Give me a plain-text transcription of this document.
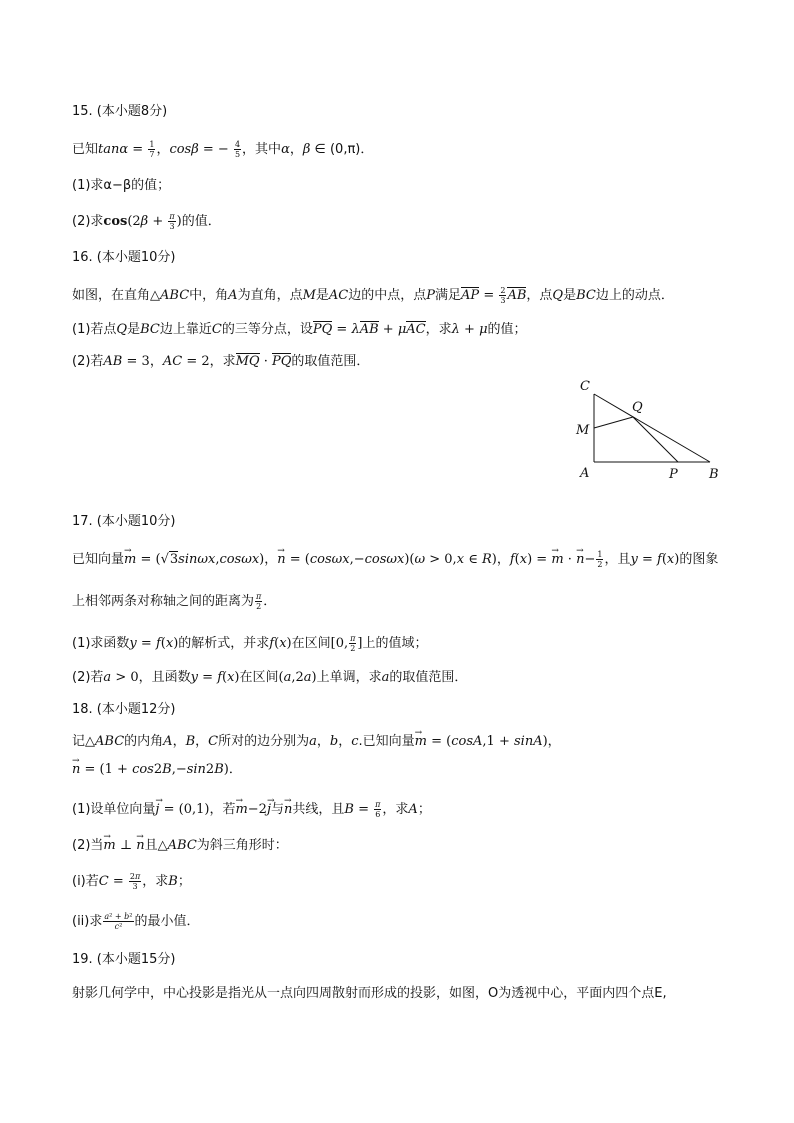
15. (本小题8分)
已知$\tan\alpha = \frac{1}{7}$ ，cosβ = − $\frac{4}{5}$ ，其中α，β ∈ (0,π)．
(1)求α−β的值；
(2)求$\cos(2\beta + \frac{\pi}{3}$ )的值．
16. (本小题10分)
如图，在直角△ABC中，角A为直角，点M是AC边的中点，点P满足AP = $\frac{2}{3}$ AB，点Q是BC边上的动点．
(1)若点Q是BC边上靠近C的三等分点，设PQ = λAB + μAC，求λ + μ的值；
(2)若AB = 3，AC = 2，求MQ · PQ的取值范围．
C
Q
M
A	P B
17. (本小题10分)
已知向量m → = (√3sinωx,cosωx)，n → = (cosωx,−cosωx)(ω > 0,x ∈ R)，f(x) = m → · $n \to- \frac{1}{2}$ ，且y = f(x)的图象
上相邻两条对称轴之间的距离为 $\frac{\pi}{2}$ ．
(1)求函数y = f(x)的解析式，并求f(x)在区间[0, $\frac{\pi}{2}$ ]上的值域；
(2)若a > 0，且函数y = f(x)在区间(a,2a)上单调，求a的取值范围．
18. (本小题12分)
记△ABC的内角A，B，C所对的边分别为a，b，c.已知向量m → = (cosA,1 + sinA)，
n → = (1 + cos2B,−sin2B)．
(1)设单位向量j → = (0,1)，若m →−2j →与n →共线，且$B = \frac{\pi}{6}$ ，求A；
(2)当m → ⊥ n →且△ABC为斜三角形时：
(i)若$C = \frac{2\pi}{3}$ ，求B；
(ii)求 $\frac{\text{a² + b²}}{\text{c²}}$ 的最小值．
19. (本小题15分)
射影几何学中，中心投影是指光从一点向四周散射而形成的投影，如图，O为透视中心，平面内四个点E,
